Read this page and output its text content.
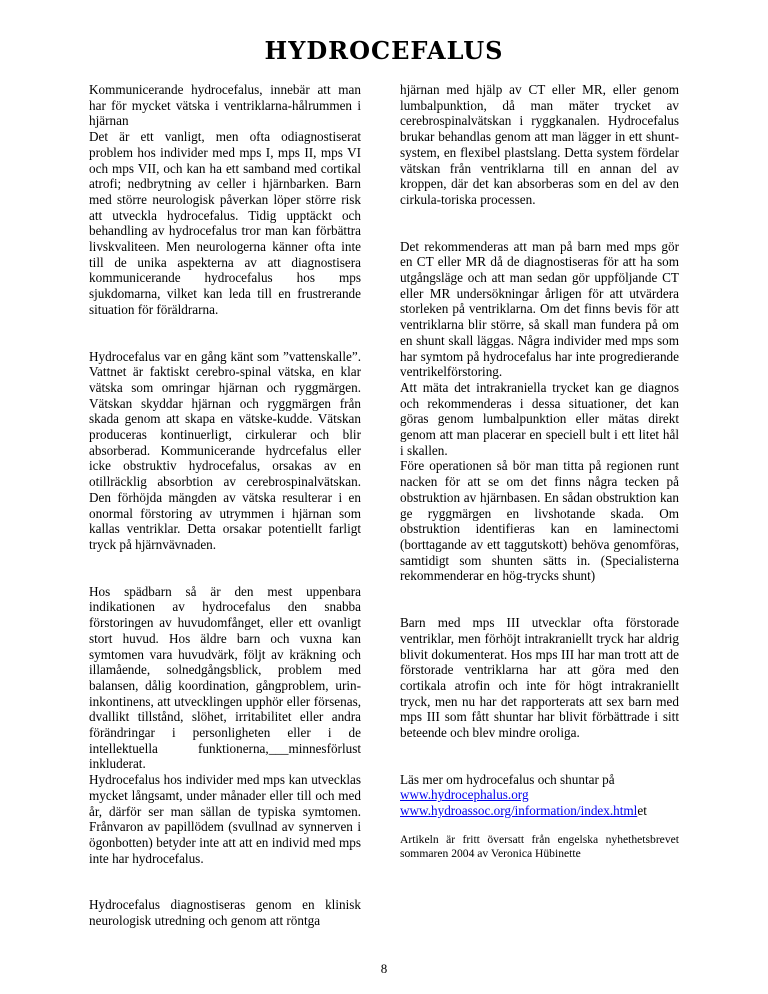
HYDROCEFALUS

Kommunicerande hydrocefalus, innebär att man har för mycket vätska i ventriklarna-hålrummen i hjärnan

Det är ett vanligt, men ofta odiagnostiserat problem hos individer med mps I, mps II, mps VI och mps VII, och kan ha ett samband med cortikal atrofi; nedbrytning av celler i hjärnbarken. Barn med större neurologisk påverkan löper större risk att utveckla hydrocefalus. Tidig upptäckt och behandling av hydrocefalus tror man kan förbättra livskvaliteen. Men neurologerna känner ofta inte till de unika aspekterna av att diagnostisera kommunicerande hydrocefalus hos mps sjukdomarna, vilket kan leda till en frustrerande situation för föräldrarna.

Hydrocefalus var en gång känt som ”vattenskalle”. Vattnet är faktiskt cerebro-spinal vätska, en klar vätska som omringar hjärnan och ryggmärgen. Vätskan skyddar hjärnan och ryggmärgen från skada genom att skapa en vätske-kudde. Vätskan produceras kontinuerligt, cirkulerar och blir absorberad. Kommunicerande hydrcefalus eller icke obstruktiv hydrocefalus, orsakas av en otillräcklig absorbtion av cerebrospinalvätskan. Den förhöjda mängden av vätska resulterar i en onormal förstoring av utrymmen i hjärnan som kallas ventriklar. Detta orsakar potentiellt farligt tryck på hjärnvävnaden.

Hos spädbarn så är den mest uppenbara indikationen av hydrocefalus den snabba förstoringen av huvudomfånget, eller ett ovanligt stort huvud. Hos äldre barn och vuxna kan symtomen vara huvudvärk, följt av kräkning och illamående, solnedgångsblick, problem med balansen, dålig koordination, gångproblem, urin-inkontinens, att utvecklingen upphör eller försenas, dvallikt tillstånd, slöhet, irritabilitet eller andra förändringar i personligheten eller i de intellektuella funktionerna,___minnesförlust inkluderat.

Hydrocefalus hos individer med mps kan utvecklas mycket långsamt, under månader eller till och med år, därför ser man sällan de typiska symtomen. Frånvaron av papillödem (svullnad av synnerven i ögonbotten) betyder inte att att en individ med mps inte har hydrocefalus.

Hydrocefalus diagnostiseras genom en klinisk neurologisk utredning och genom att röntga

hjärnan med hjälp av CT eller MR, eller genom lumbalpunktion, då man mäter trycket av cerebrospinalvätskan i ryggkanalen. Hydrocefalus brukar behandlas genom att man lägger in ett shunt-system, en flexibel plastslang. Detta system fördelar vätskan från ventriklarna till en annan del av kroppen, där det kan absorberas som en del av den cirkula-toriska processen.

Det rekommenderas att man på barn med mps gör en CT eller MR då de diagnostiseras för att ha som utgångsläge och att man sedan gör uppföljande CT eller MR undersökningar årligen för att utvärdera storleken på ventriklarna. Om det finns bevis för att ventriklarna blir större, så skall man fundera på om en shunt skall läggas. Några individer med mps som har symtom på hydrocefalus har inte progredierande ventrikelförstoring.

Att mäta det intrakraniella trycket kan ge diagnos och rekommenderas i dessa situationer, det kan göras genom lumbalpunktion eller mätas direkt genom att man placerar en speciell bult i ett litet hål i skallen.

Före operationen så bör man titta på regionen runt nacken för att se om det finns några tecken på obstruktion av hjärnbasen. En sådan obstruktion kan ge ryggmärgen en livshotande skada. Om obstruktion identifieras kan en laminectomi (borttagande av ett taggutskott) behöva genomföras, samtidigt som shunten sätts in. (Specialisterna rekommenderar en hög-trycks shunt)

Barn med mps III utvecklar ofta förstorade ventriklar, men förhöjt intrakraniellt tryck har aldrig blivit dokumenterat. Hos mps III har man trott att de förstorade ventriklarna har att göra med den cortikala atrofin och inte för högt intrakraniellt tryck, men nu har det rapporterats att sex barn med mps III som fått shuntar har blivit förbättrade i sitt beteende och blev mindre oroliga.

Läs mer om hydrocefalus och shuntar på

www.hydrocephalus.org
www.hydroassoc.org/information/index.htmlet

Artikeln är fritt översatt från engelska nyhethetsbrevet sommaren 2004 av Veronica Hübinette

8
